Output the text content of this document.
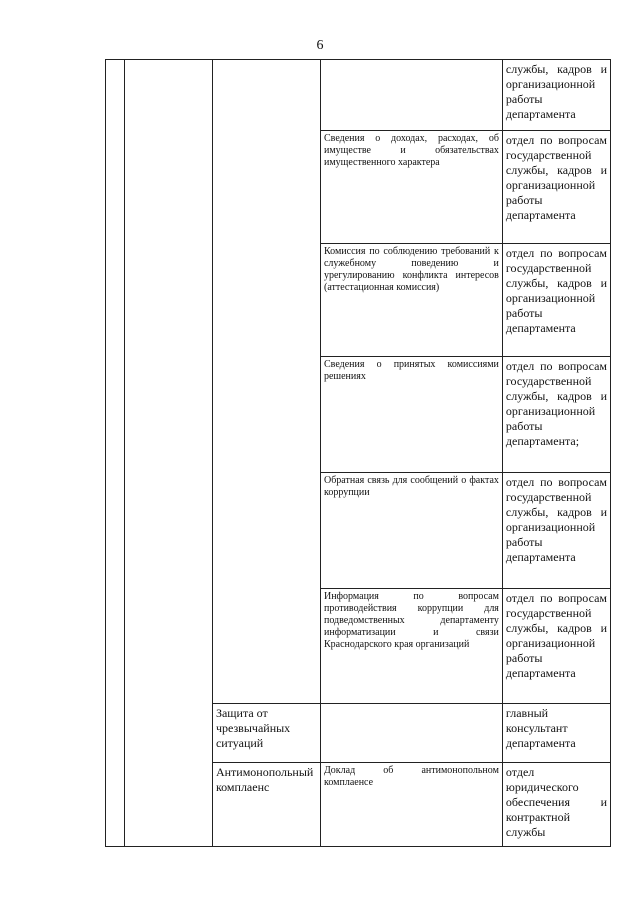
6
				службы, кадров и организационной работы департамента
			Сведения о доходах, расходах, об имуществе и обязательствах имущественного характера	отдел по вопросам государственной службы, кадров и организационной работы департамента
			Комиссия по соблюдению требований к служебному поведению и урегулированию конфликта интересов (аттестационная комиссия)	отдел по вопросам государственной службы, кадров и организационной работы департамента
			Сведения о принятых комиссиями решениях	отдел по вопросам государственной службы, кадров и организационной работы департамента;
			Обратная связь для сообщений о фактах коррупции	отдел по вопросам государственной службы, кадров и организационной работы департамента
			Информация по вопросам противодействия коррупции для подведомственных департаменту информатизации и связи Краснодарского края организаций	отдел по вопросам государственной службы, кадров и организационной работы департамента
		Защита от чрезвычайных ситуаций		главный консультант департамента
		Антимонопольный комплаенс	Доклад об антимонопольном комплаенсе	отдел юридического обеспечения и контрактной службы
